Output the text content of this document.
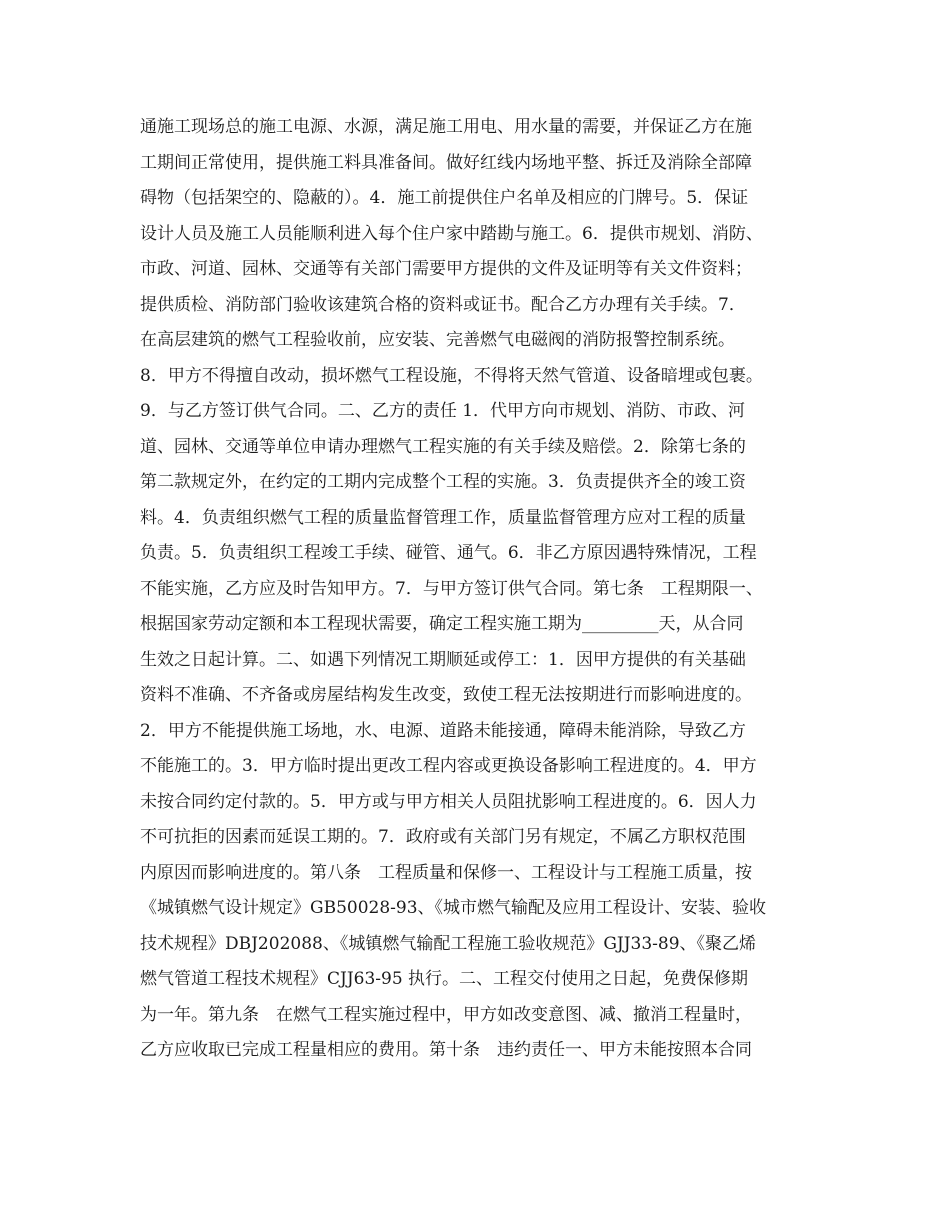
通施工现场总的施工电源、水源，满足施工用电、用水量的需要，并保证乙方在施
工期间正常使用，提供施工料具准备间。做好红线内场地平整、拆迁及消除全部障
碍物（包括架空的、隐蔽的）。4．施工前提供住户名单及相应的门牌号。5．保证
设计人员及施工人员能顺利进入每个住户家中踏勘与施工。6．提供市规划、消防、
市政、河道、园林、交通等有关部门需要甲方提供的文件及证明等有关文件资料；
提供质检、消防部门验收该建筑合格的资料或证书。配合乙方办理有关手续。7．
在高层建筑的燃气工程验收前，应安装、完善燃气电磁阀的消防报警控制系统。
8．甲方不得擅自改动，损坏燃气工程设施，不得将天然气管道、设备暗埋或包裹。
9．与乙方签订供气合同。二、乙方的责任 1．代甲方向市规划、消防、市政、河
道、园林、交通等单位申请办理燃气工程实施的有关手续及赔偿。2．除第七条的
第二款规定外，在约定的工期内完成整个工程的实施。3．负责提供齐全的竣工资
料。4．负责组织燃气工程的质量监督管理工作，质量监督管理方应对工程的质量
负责。5．负责组织工程竣工手续、碰管、通气。6．非乙方原因遇特殊情况，工程
不能实施，乙方应及时告知甲方。7．与甲方签订供气合同。第七条　工程期限一、
根据国家劳动定额和本工程现状需要，确定工程实施工期为_________天，从合同
生效之日起计算。二、如遇下列情况工期顺延或停工：1．因甲方提供的有关基础
资料不准确、不齐备或房屋结构发生改变，致使工程无法按期进行而影响进度的。
2．甲方不能提供施工场地，水、电源、道路未能接通，障碍未能消除，导致乙方
不能施工的。3．甲方临时提出更改工程内容或更换设备影响工程进度的。4．甲方
未按合同约定付款的。5．甲方或与甲方相关人员阻扰影响工程进度的。6．因人力
不可抗拒的因素而延误工期的。7．政府或有关部门另有规定，不属乙方职权范围
内原因而影响进度的。第八条　工程质量和保修一、工程设计与工程施工质量，按
《城镇燃气设计规定》GB50028-93、《城市燃气输配及应用工程设计、安装、验收
技术规程》DBJ202088、《城镇燃气输配工程施工验收规范》GJJ33-89、《聚乙烯
燃气管道工程技术规程》CJJ63-95 执行。二、工程交付使用之日起，免费保修期
为一年。第九条　在燃气工程实施过程中，甲方如改变意图、减、撤消工程量时，
乙方应收取已完成工程量相应的费用。第十条　违约责任一、甲方未能按照本合同
